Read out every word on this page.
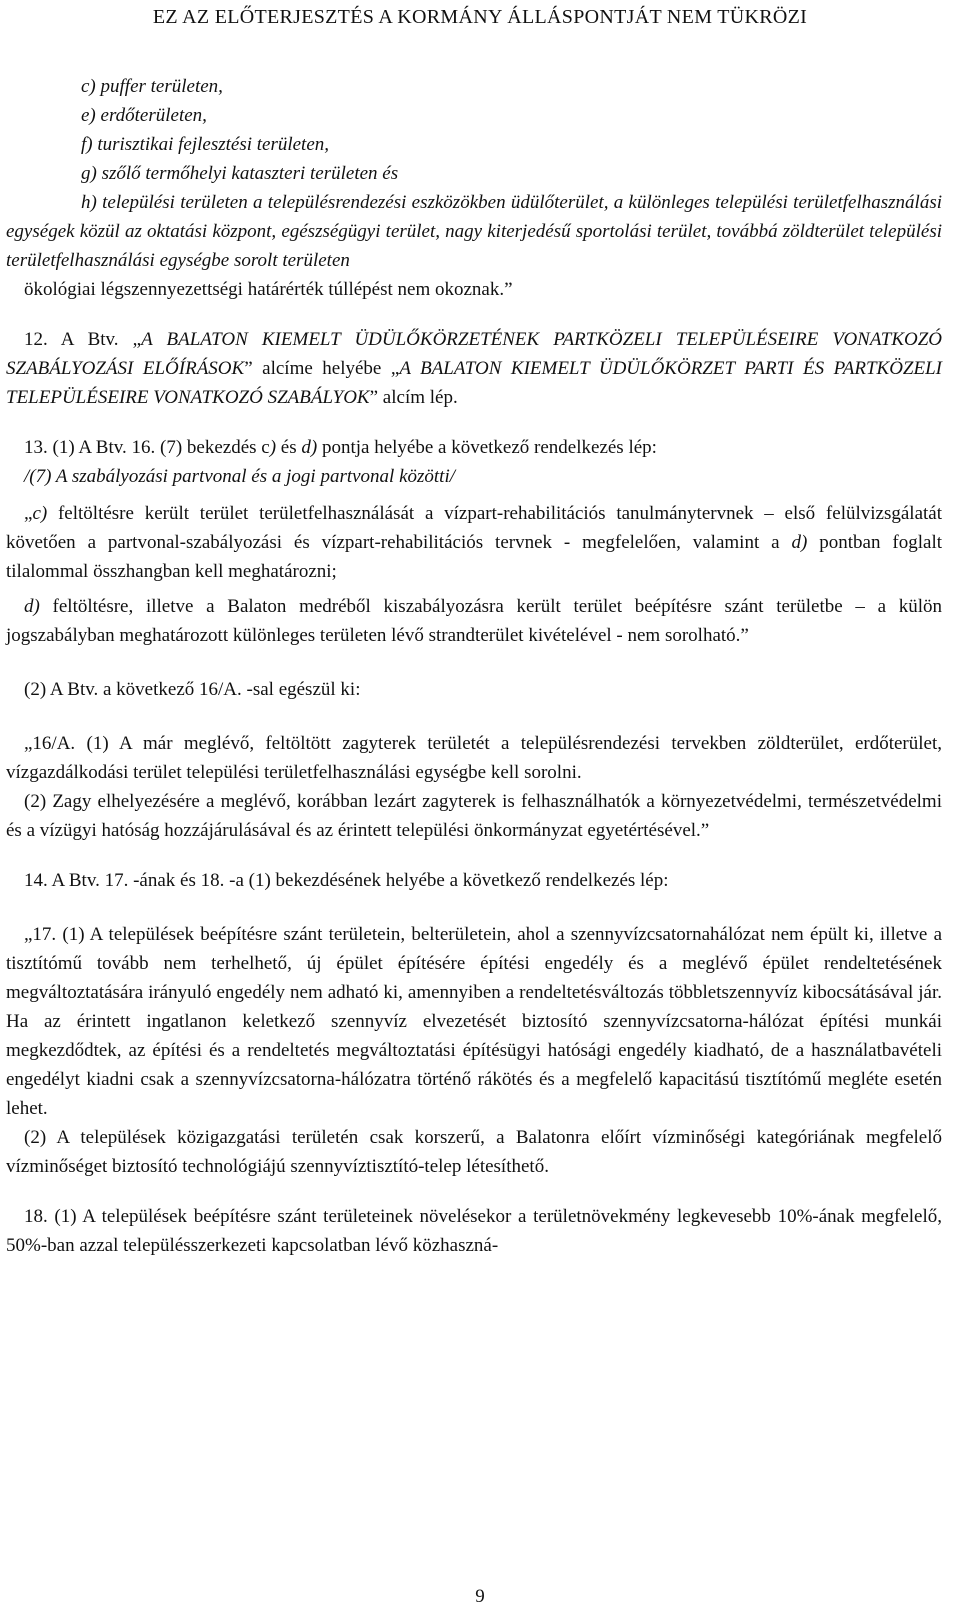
EZ AZ ELŐTERJESZTÉS A KORMÁNY ÁLLÁSPONTJÁT NEM TÜKRÖZI

c) puffer területen,

e) erdőterületen,

f) turisztikai fejlesztési területen,

g) szőlő termőhelyi kataszteri területen és

h) települési területen a településrendezési eszközökben üdülőterület, a különleges települési területfelhasználási egységek közül az oktatási központ, egészségügyi terület, nagy kiterjedésű sportolási terület, továbbá zöldterület települési területfelhasználási egységbe sorolt területen

ökológiai légszennyezettségi határérték túllépést nem okoznak.”

12. A Btv. „A BALATON KIEMELT ÜDÜLŐKÖRZETÉNEK PARTKÖZELI TELEPÜLÉSEIRE VONATKOZÓ SZABÁLYOZÁSI ELŐÍRÁSOK” alcíme helyébe „A BALATON KIEMELT ÜDÜLŐKÖRZET PARTI ÉS PARTKÖZELI TELEPÜLÉSEIRE VONATKOZÓ SZABÁLYOK” alcím lép.

13. (1) A Btv. 16. (7) bekezdés c) és d) pontja helyébe a következő rendelkezés lép:

/(7) A szabályozási partvonal és a jogi partvonal közötti/

„c) feltöltésre került terület területfelhasználását a vízpart-rehabilitációs tanulmánytervnek – első felülvizsgálatát követően a partvonal-szabályozási és vízpart-rehabilitációs tervnek - megfelelően, valamint a d) pontban foglalt tilalommal összhangban kell meghatározni;

d) feltöltésre, illetve a Balaton medréből kiszabályozásra került terület beépítésre szánt területbe – a külön jogszabályban meghatározott különleges területen lévő strandterület kivételével - nem sorolható.”

(2) A Btv. a következő 16/A. -sal egészül ki:

„16/A. (1) A már meglévő, feltöltött zagyterek területét a településrendezési tervekben zöldterület, erdőterület, vízgazdálkodási terület települési területfelhasználási egységbe kell sorolni.

(2) Zagy elhelyezésére a meglévő, korábban lezárt zagyterek is felhasználhatók a környezetvédelmi, természetvédelmi és a vízügyi hatóság hozzájárulásával és az érintett települési önkormányzat egyetértésével.”

14. A Btv. 17. -ának és 18. -a (1) bekezdésének helyébe a következő rendelkezés lép:

„17. (1) A települések beépítésre szánt területein, belterületein, ahol a szennyvízcsatornahálózat nem épült ki, illetve a tisztítómű tovább nem terhelhető, új épület építésére építési engedély és a meglévő épület rendeltetésének megváltoztatására irányuló engedély nem adható ki, amennyiben a rendeltetésváltozás többletszennyvíz kibocsátásával jár. Ha az érintett ingatlanon keletkező szennyvíz elvezetését biztosító szennyvízcsatorna-hálózat építési munkái megkezdődtek, az építési és a rendeltetés megváltoztatási építésügyi hatósági engedély kiadható, de a használatbavételi engedélyt kiadni csak a szennyvízcsatorna-hálózatra történő rákötés és a megfelelő kapacitású tisztítómű megléte esetén lehet.

(2) A települések közigazgatási területén csak korszerű, a Balatonra előírt vízminőségi kategóriának megfelelő vízminőséget biztosító technológiájú szennyvíztisztító-telep létesíthető.

18. (1) A települések beépítésre szánt területeinek növelésekor a területnövekmény legkevesebb 10%-ának megfelelő, 50%-ban azzal településszerkezeti kapcsolatban lévő közhaszná-

9
